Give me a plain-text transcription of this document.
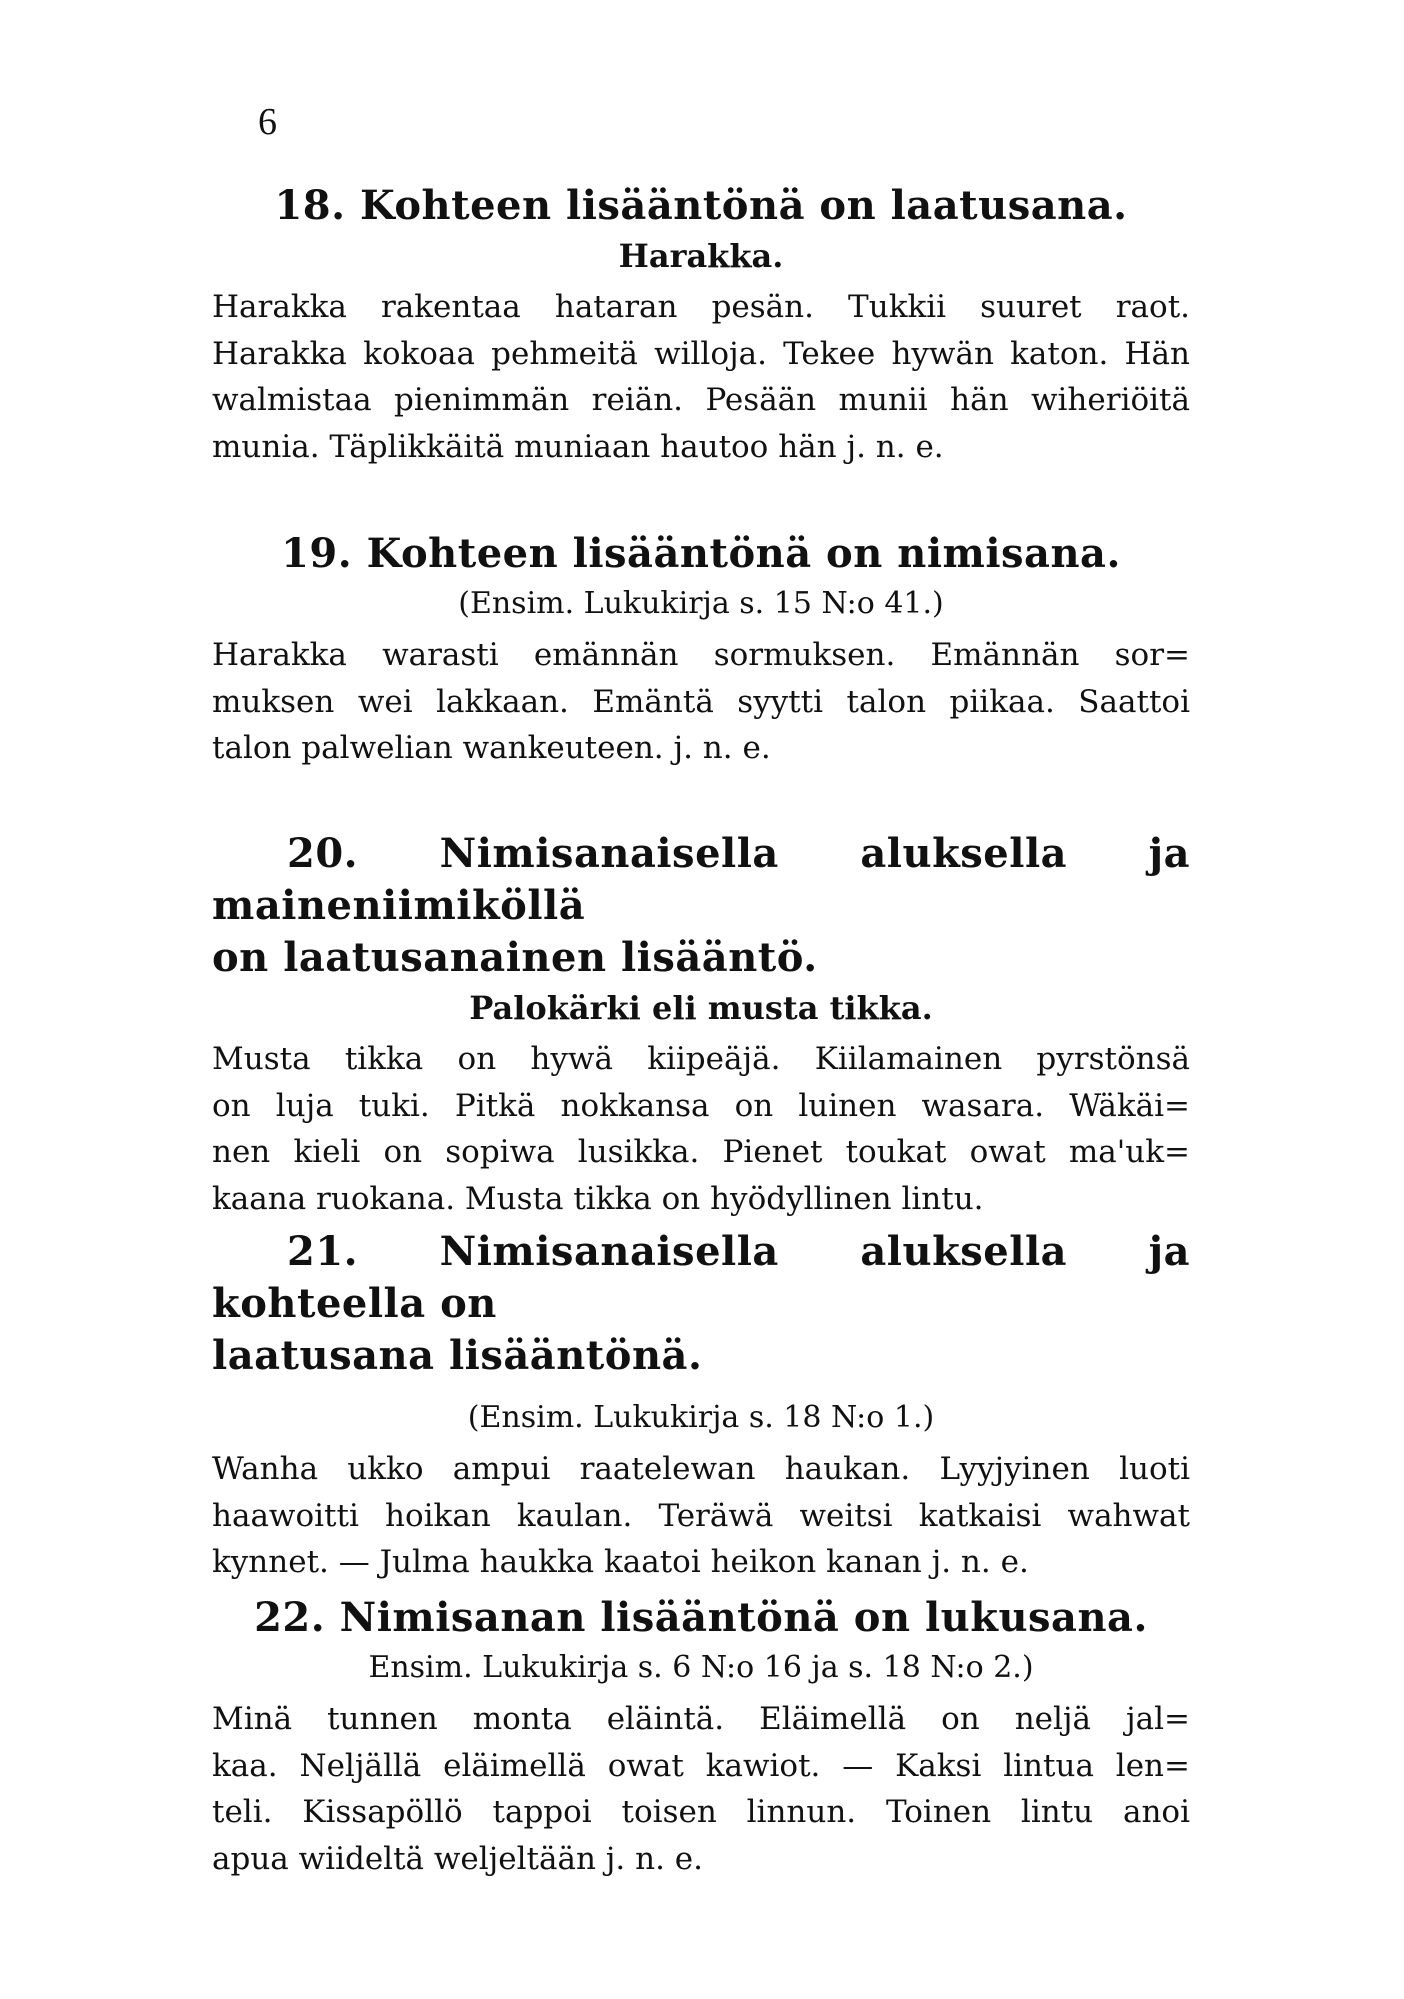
6
18. Kohteen lisääntönä on laatusana.
Harakka.
Harakka rakentaa hataran pesän. Tukkii suuret raot.
Harakka kokoaa pehmeitä willoja. Tekee hywän katon. Hän
walmistaa pienimmän reiän. Pesään munii hän wiheriöitä
munia. Täplikkäitä muniaan hautoo hän j. n. e.
19. Kohteen lisääntönä on nimisana.
(Ensim. Lukukirja s. 15 N:o 41.)
Harakka warasti emännän sormuksen. Emännän sor=
muksen wei lakkaan. Emäntä syytti talon piikaa. Saattoi
talon palwelian wankeuteen. j. n. e.
20. Nimisanaisella aluksella ja maineniimiköllä
on laatusanainen lisääntö.
Palokärki eli musta tikka.
Musta tikka on hywä kiipeäjä. Kiilamainen pyrstönsä
on luja tuki. Pitkä nokkansa on luinen wasara. Wäkäi=
nen kieli on sopiwa lusikka. Pienet toukat owat ma'uk=
kaana ruokana. Musta tikka on hyödyllinen lintu.
21. Nimisanaisella aluksella ja kohteella on
laatusana lisääntönä.
(Ensim. Lukukirja s. 18 N:o 1.)
Wanha ukko ampui raatelewan haukan. Lyyjyinen luoti
haawoitti hoikan kaulan. Teräwä weitsi katkaisi wahwat
kynnet. — Julma haukka kaatoi heikon kanan j. n. e.
22. Nimisanan lisääntönä on lukusana.
Ensim. Lukukirja s. 6 N:o 16 ja s. 18 N:o 2.)
Minä tunnen monta eläintä. Eläimellä on neljä jal=
kaa. Neljällä eläimellä owat kawiot. — Kaksi lintua len=
teli. Kissapöllö tappoi toisen linnun. Toinen lintu anoi
apua wiideltä weljeltään j. n. e.
